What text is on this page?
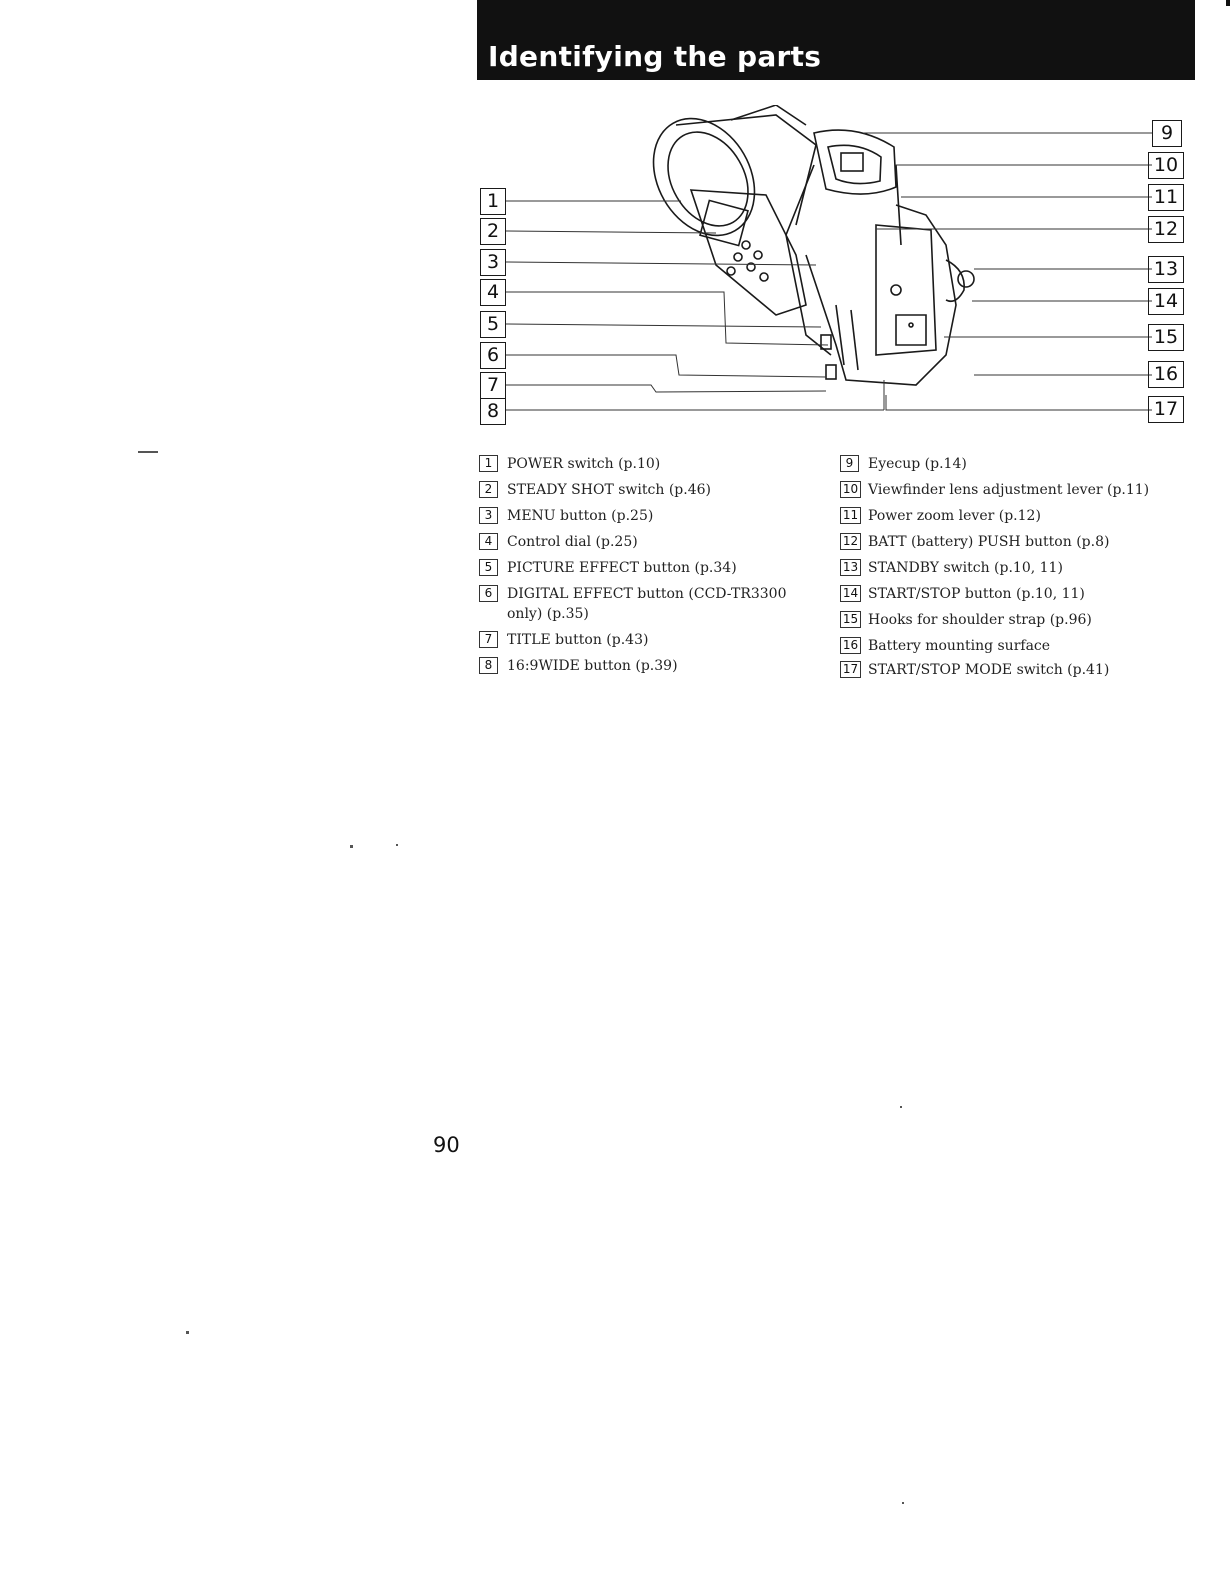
Identifying the parts
1
2
3
4
5
6
7
8
9
10
11
12
13
14
15
16
17
1	POWER switch (p.10)
2	STEADY SHOT switch (p.46)
3	MENU button (p.25)
4	Control dial (p.25)
5	PICTURE EFFECT button (p.34)
6	DIGITAL EFFECT button (CCD-TR3300
only) (p.35)
7	TITLE button (p.43)
8	16:9WIDE button (p.39)
9	Eyecup (p.14)
10 Viewfinder lens adjustment lever (p.11)
11 Power zoom lever (p.12)
12 BATT (battery) PUSH button (p.8)
13 STANDBY switch (p.10, 11)
14 START/STOP button (p.10, 11)
15 Hooks for shoulder strap (p.96)
16 Battery mounting surface
17 START/STOP MODE switch (p.41)
90
